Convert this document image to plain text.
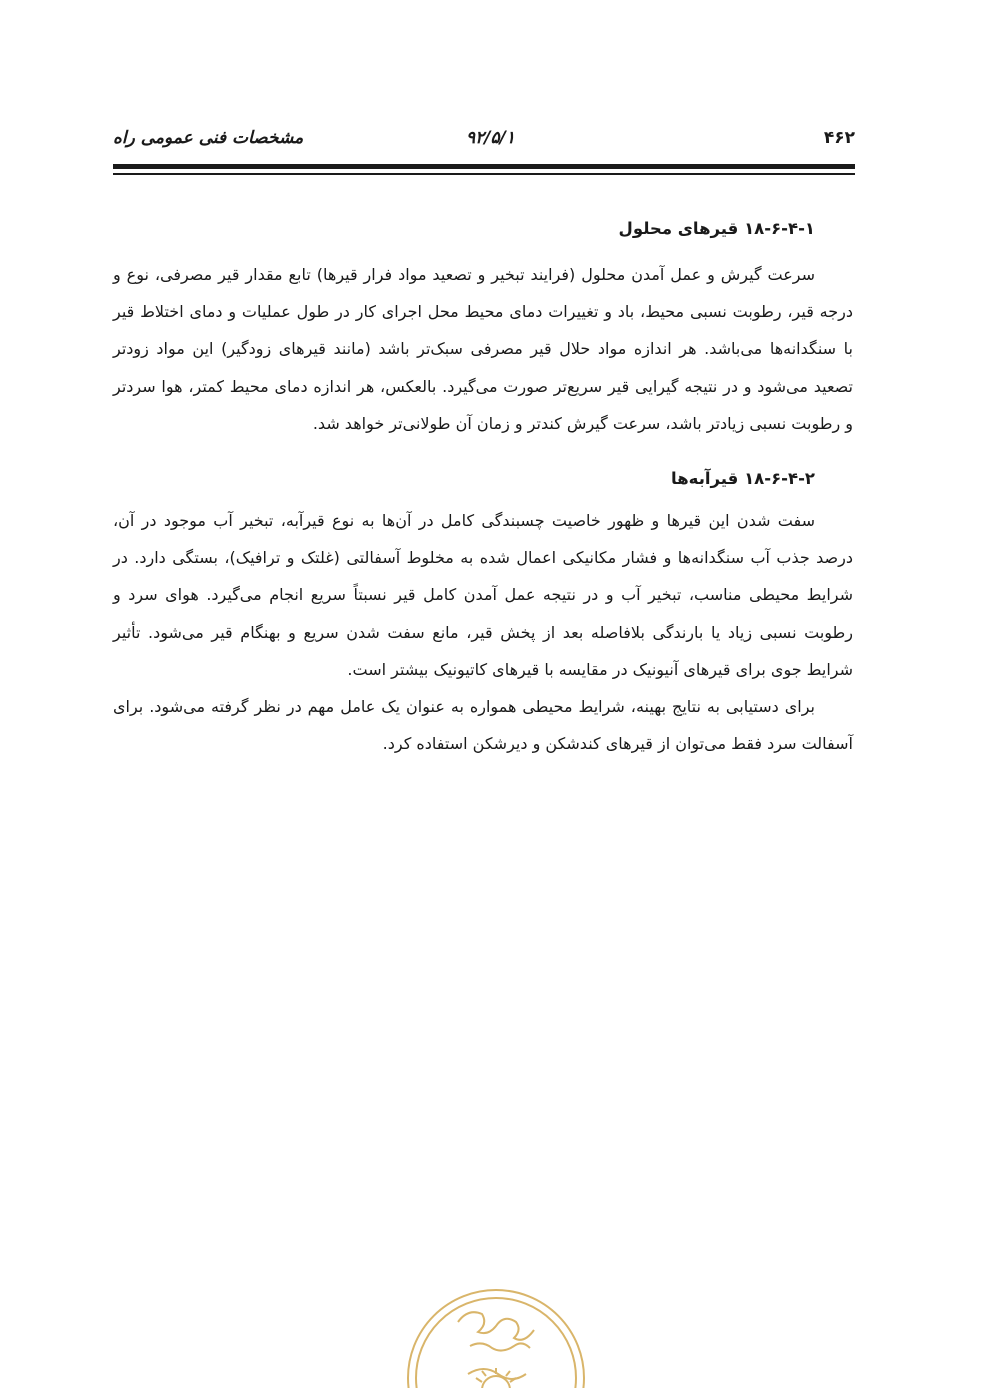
۴۶۲
۹۲/۵/۱
مشخصات فنی عمومی راه
۱۸-۶-۴-۱ قیرهای محلول

سرعت گیرش و عمل آمدن محلول (فرایند تبخیر و تصعید مواد فرار قیرها) تابع مقدار قیر مصرفی، نوع و درجه قیر، رطوبت نسبی محیط، باد و تغییرات دمای محیط محل اجرای کار در طول عملیات و دمای اختلاط قیر با سنگدانه‌ها می‌باشد. هر اندازه مواد حلال قیر مصرفی سبک‌تر باشد (مانند قیرهای زودگیر) این مواد زودتر تصعید می‌شود و در نتیجه گیرایی قیر سریع‌تر صورت می‌گیرد. بالعکس، هر اندازه دمای محیط کمتر، هوا سردتر و رطوبت نسبی زیادتر باشد، سرعت گیرش کندتر و زمان آن طولانی‌تر خواهد شد.

۱۸-۶-۴-۲ قیرآبه‌ها

سفت شدن این قیرها و ظهور خاصیت چسبندگی کامل در آن‌ها به نوع قیرآبه، تبخیر آب موجود در آن، درصد جذب آب سنگدانه‌ها و فشار مکانیکی اعمال شده به مخلوط آسفالتی (غلتک و ترافیک)، بستگی دارد. در شرایط محیطی مناسب، تبخیر آب و در نتیجه عمل آمدن کامل قیر نسبتاً سریع انجام می‌گیرد. هوای سرد و رطوبت نسبی زیاد یا بارندگی بلافاصله بعد از پخش قیر، مانع سفت شدن سریع و بهنگام قیر می‌شود. تأثیر شرایط جوی برای قیرهای آنیونیک در مقایسه با قیرهای کاتیونیک بیشتر است.

برای دستیابی به نتایج بهینه، شرایط محیطی همواره به عنوان یک عامل مهم در نظر گرفته می‌شود. برای آسفالت سرد فقط می‌توان از قیرهای کندشکن و دیرشکن استفاده کرد.
